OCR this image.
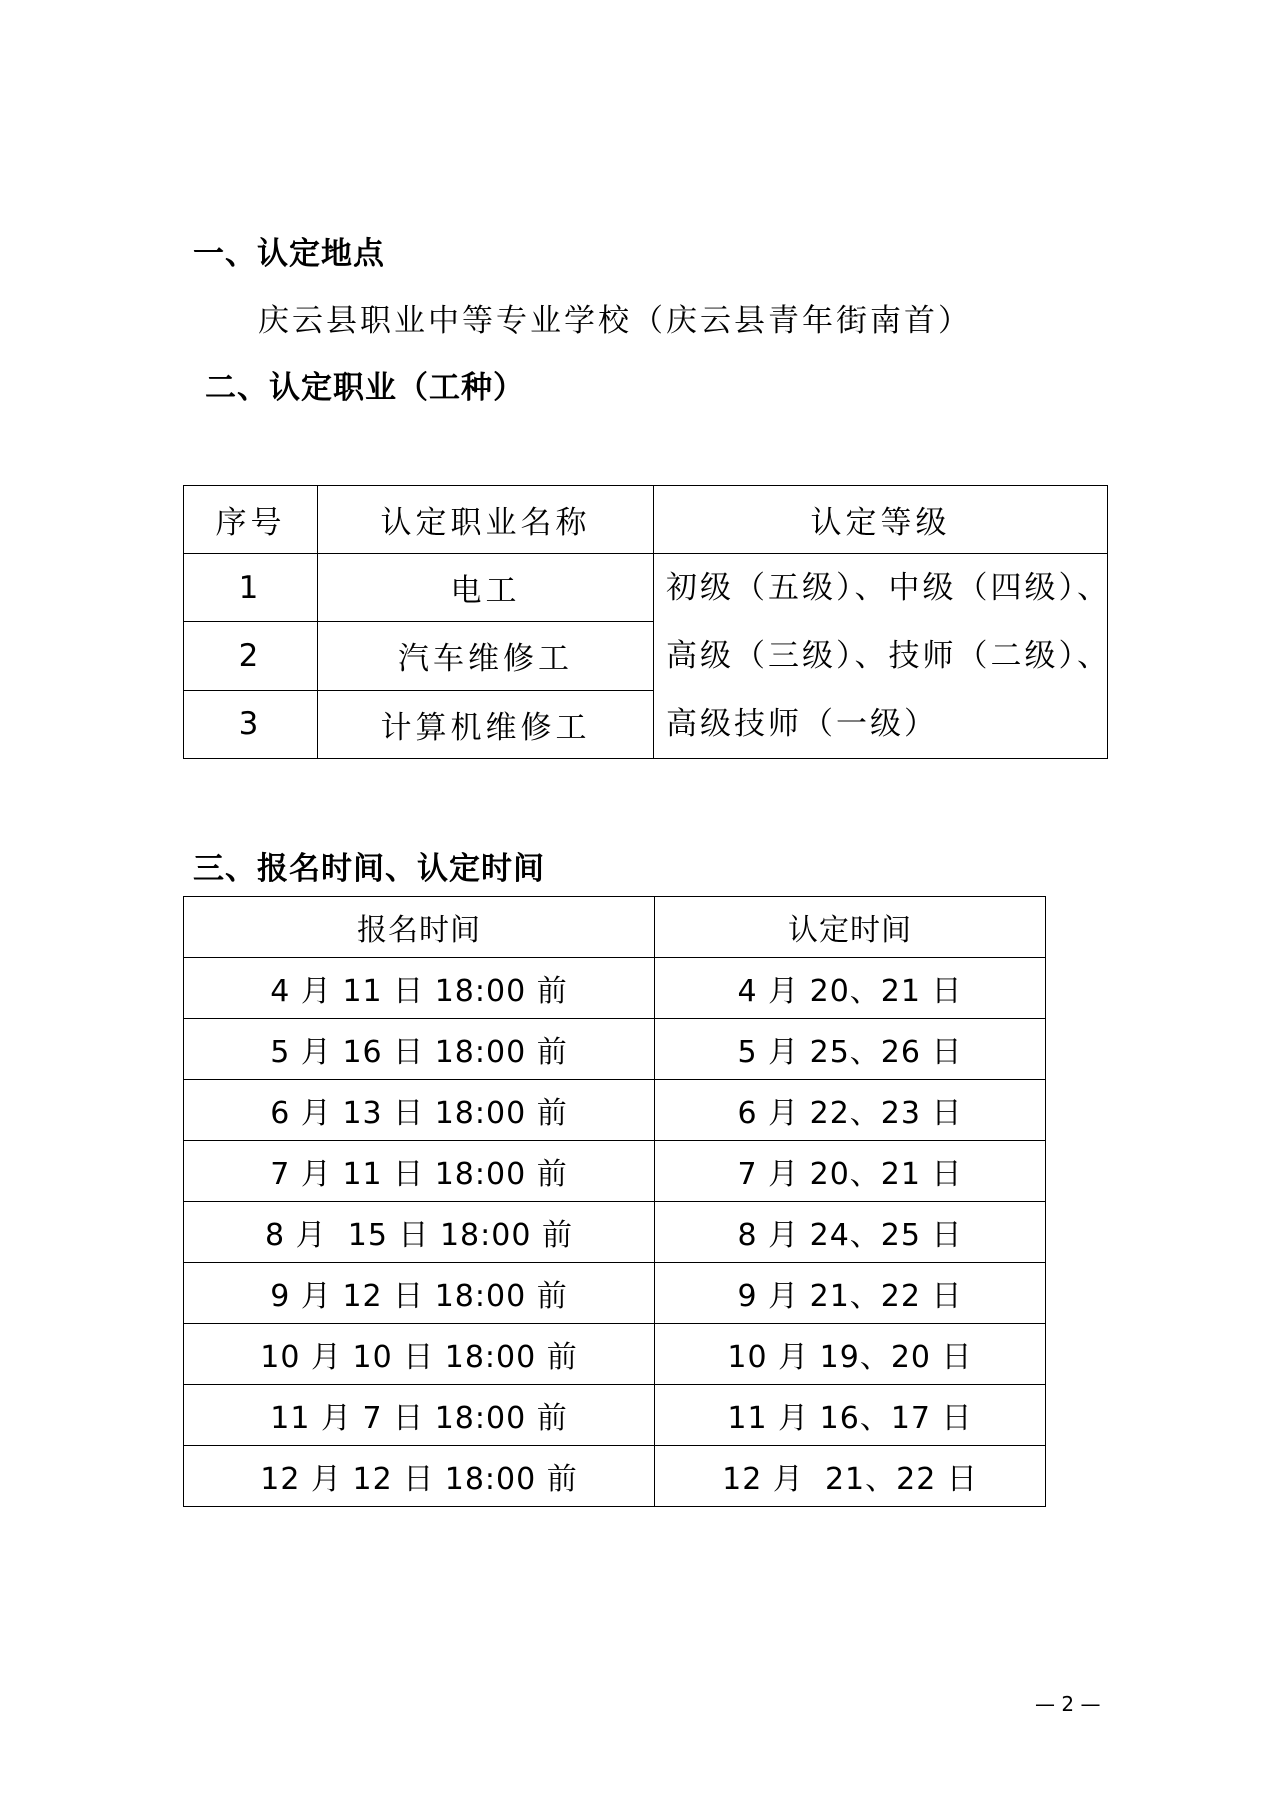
一、认定地点
庆云县职业中等专业学校（庆云县青年街南首）
二、认定职业（工种）
序号	认定职业名称	认定等级
1	电工	初级（五级）、中级（四级）、
高级（三级）、技师（二级）、
高级技师（一级）

2	汽车维修工	
3	计算机维修工	
三、报名时间、认定时间
报名时间	认定时间
4 月 11 日 18:00 前	4 月 20、21 日
5 月 16 日 18:00 前	5 月 25、26 日
6 月 13 日 18:00 前	6 月 22、23 日
7 月 11 日 18:00 前	7 月 20、21 日
8 月  15 日 18:00 前	8 月 24、25 日
9 月 12 日 18:00 前	9 月 21、22 日
10 月 10 日 18:00 前	10 月 19、20 日
11 月 7 日 18:00 前	11 月 16、17 日
12 月 12 日 18:00 前	12 月  21、22 日
— 2 —
